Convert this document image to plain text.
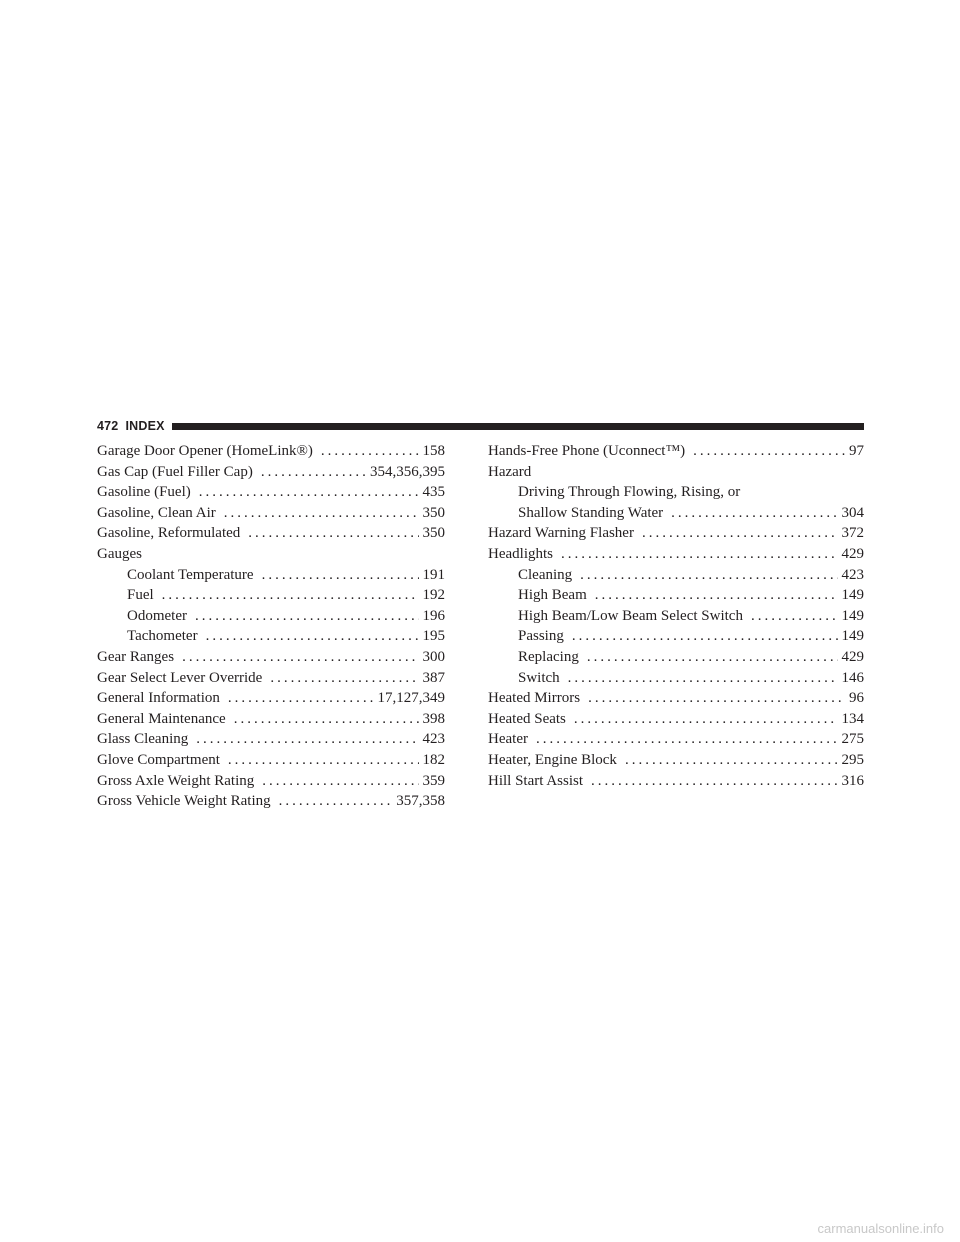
472 INDEX
Garage Door Opener (HomeLink®) .....	158
Gas Cap (Fuel Filler Cap) .....	354,356,395
Gasoline (Fuel) .....	435
Gasoline, Clean Air .....	350
Gasoline, Reformulated .....	350
Gauges
Coolant Temperature .....	191
Fuel .....	192
Odometer .....	196
Tachometer .....	195
Gear Ranges .....	300
Gear Select Lever Override .....	387
General Information .....	17,127,349
General Maintenance .....	398
Glass Cleaning .....	423
Glove Compartment .....	182
Gross Axle Weight Rating .....	359
Gross Vehicle Weight Rating .....	357,358
Hands-Free Phone (Uconnect™) .....	97
Hazard
Driving Through Flowing, Rising, or
Shallow Standing Water .....	304
Hazard Warning Flasher .....	372
Headlights .....	429
Cleaning .....	423
High Beam .....	149
High Beam/Low Beam Select Switch .....	149
Passing .....	149
Replacing .....	429
Switch .....	146
Heated Mirrors .....	96
Heated Seats .....	134
Heater .....	275
Heater, Engine Block .....	295
Hill Start Assist .....	316
carmanualsonline.info
